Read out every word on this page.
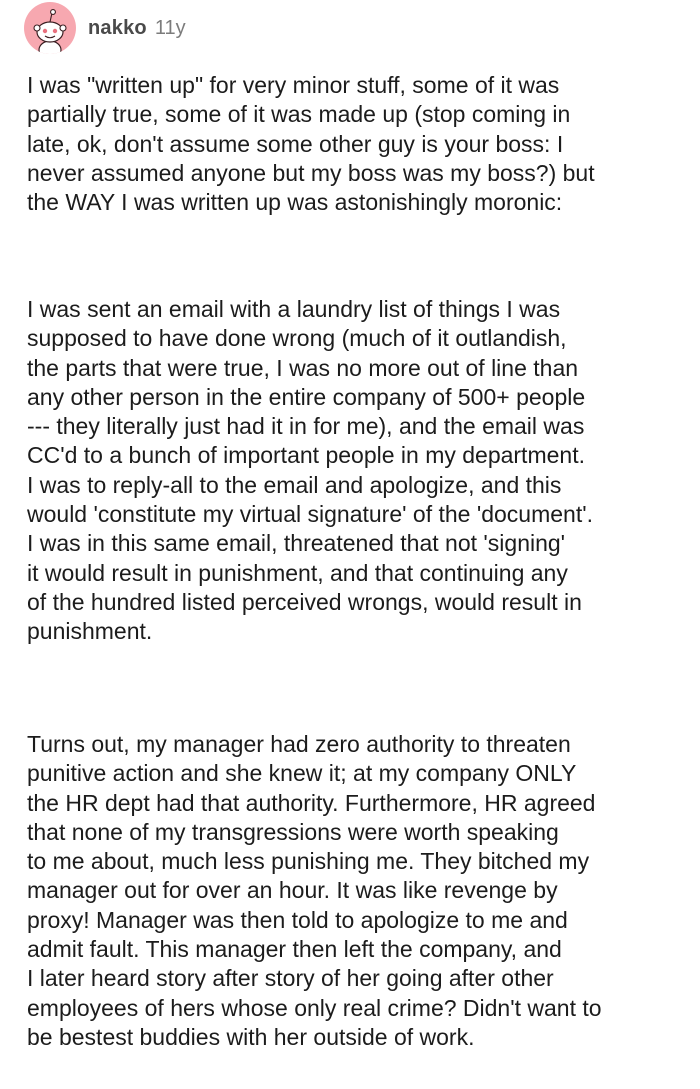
nakko 11y

I was "written up" for very minor stuff, some of it was
partially true, some of it was made up (stop coming in
late, ok, don't assume some other guy is your boss: I
never assumed anyone but my boss was my boss?) but
the WAY I was written up was astonishingly moronic:

I was sent an email with a laundry list of things I was
supposed to have done wrong (much of it outlandish,
the parts that were true, I was no more out of line than
any other person in the entire company of 500+ people
--- they literally just had it in for me), and the email was
CC'd to a bunch of important people in my department.
I was to reply-all to the email and apologize, and this
would 'constitute my virtual signature' of the 'document'.
I was in this same email, threatened that not 'signing'
it would result in punishment, and that continuing any
of the hundred listed perceived wrongs, would result in
punishment.

Turns out, my manager had zero authority to threaten
punitive action and she knew it; at my company ONLY
the HR dept had that authority. Furthermore, HR agreed
that none of my transgressions were worth speaking
to me about, much less punishing me. They bitched my
manager out for over an hour. It was like revenge by
proxy! Manager was then told to apologize to me and
admit fault. This manager then left the company, and
I later heard story after story of her going after other
employees of hers whose only real crime? Didn't want to
be bestest buddies with her outside of work.
